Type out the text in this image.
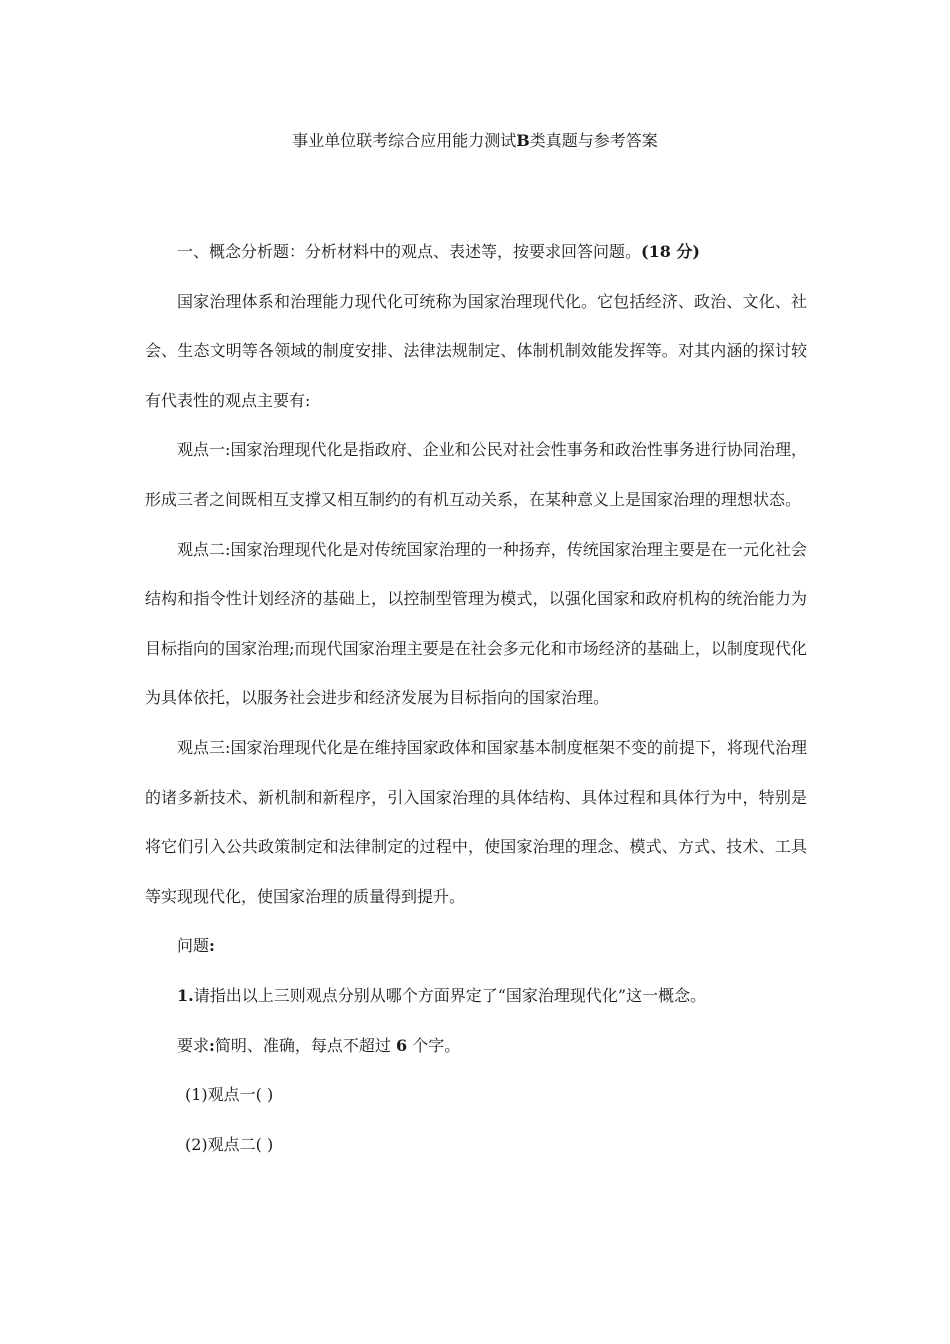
事业单位联考综合应用能力测试B类真题与参考答案

一、概念分析题：分析材料中的观点、表述等，按要求回答问题。(18 分)

国家治理体系和治理能力现代化可统称为国家治理现代化。它包括经济、政治、文化、社会、生态文明等各领域的制度安排、法律法规制定、体制机制效能发挥等。对其内涵的探讨较有代表性的观点主要有:

观点一:国家治理现代化是指政府、企业和公民对社会性事务和政治性事务进行协同治理，形成三者之间既相互支撑又相互制约的有机互动关系，在某种意义上是国家治理的理想状态。

观点二:国家治理现代化是对传统国家治理的一种扬弃，传统国家治理主要是在一元化社会结构和指令性计划经济的基础上，以控制型管理为模式，以强化国家和政府机构的统治能力为目标指向的国家治理;而现代国家治理主要是在社会多元化和市场经济的基础上，以制度现代化为具体依托，以服务社会进步和经济发展为目标指向的国家治理。

观点三:国家治理现代化是在维持国家政体和国家基本制度框架不变的前提下，将现代治理的诸多新技术、新机制和新程序，引入国家治理的具体结构、具体过程和具体行为中，特别是将它们引入公共政策制定和法律制定的过程中，使国家治理的理念、模式、方式、技术、工具等实现现代化，使国家治理的质量得到提升。

问题:

1.请指出以上三则观点分别从哪个方面界定了“国家治理现代化”这一概念。

要求:简明、准确，每点不超过 6 个字。

(1)观点一( )

(2)观点二( )
